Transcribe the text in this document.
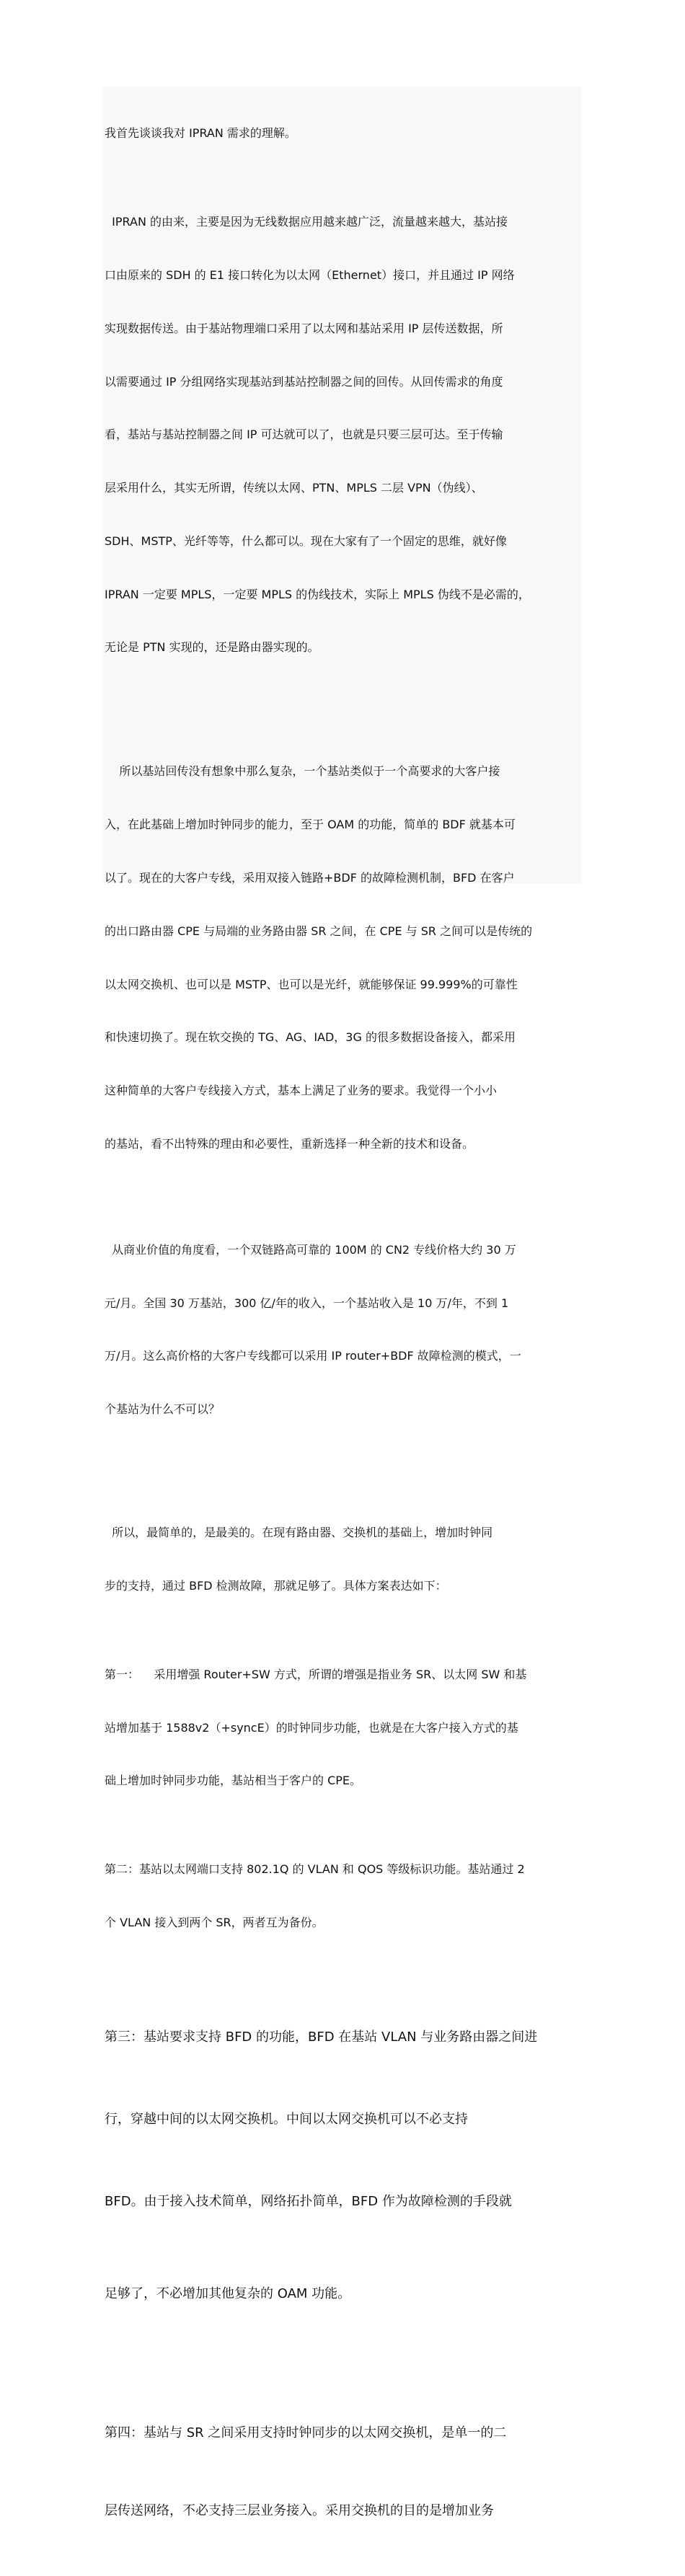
我首先谈谈我对 IPRAN 需求的理解。

IPRAN 的由来，主要是因为无线数据应用越来越广泛，流量越来越大，基站接

口由原来的 SDH 的 E1 接口转化为以太网（Ethernet）接口，并且通过 IP 网络

实现数据传送。由于基站物理端口采用了以太网和基站采用 IP 层传送数据，所

以需要通过 IP 分组网络实现基站到基站控制器之间的回传。从回传需求的角度

看，基站与基站控制器之间 IP 可达就可以了，也就是只要三层可达。至于传输

层采用什么，其实无所谓，传统以太网、PTN、MPLS 二层 VPN（伪线）、

SDH、MSTP、光纤等等，什么都可以。现在大家有了一个固定的思维，就好像

IPRAN 一定要 MPLS，一定要 MPLS 的伪线技术，实际上 MPLS 伪线不是必需的，

无论是 PTN 实现的，还是路由器实现的。

所以基站回传没有想象中那么复杂，一个基站类似于一个高要求的大客户接

入，在此基础上增加时钟同步的能力，至于 OAM 的功能，简单的 BDF 就基本可

以了。现在的大客户专线，采用双接入链路+BDF 的故障检测机制，BFD 在客户

的出口路由器 CPE 与局端的业务路由器 SR 之间，在 CPE 与 SR 之间可以是传统的

以太网交换机、也可以是 MSTP、也可以是光纤，就能够保证 99.999%的可靠性

和快速切换了。现在软交换的 TG、AG、IAD，3G 的很多数据设备接入，都采用

这种简单的大客户专线接入方式，基本上满足了业务的要求。我觉得一个小小

的基站，看不出特殊的理由和必要性，重新选择一种全新的技术和设备。

从商业价值的角度看，一个双链路高可靠的 100M 的 CN2 专线价格大约 30 万

元/月。全国 30 万基站，300 亿/年的收入，一个基站收入是 10 万/年，不到 1

万/月。这么高价格的大客户专线都可以采用 IP router+BDF 故障检测的模式，一

个基站为什么不可以？

所以，最简单的，是最美的。在现有路由器、交换机的基础上，增加时钟同

步的支持，通过 BFD 检测故障，那就足够了。具体方案表达如下：

第一：    采用增强 Router+SW 方式，所谓的增强是指业务 SR、以太网 SW 和基

站增加基于 1588v2（+syncE）的时钟同步功能，也就是在大客户接入方式的基

础上增加时钟同步功能，基站相当于客户的 CPE。

第二：基站以太网端口支持 802.1Q 的 VLAN 和 QOS 等级标识功能。基站通过 2

个 VLAN 接入到两个 SR，两者互为备份。

第三：基站要求支持 BFD 的功能，BFD 在基站 VLAN 与业务路由器之间进

行，穿越中间的以太网交换机。中间以太网交换机可以不必支持

BFD。由于接入技术简单，网络拓扑简单，BFD 作为故障检测的手段就

足够了，不必增加其他复杂的 OAM 功能。

第四：基站与 SR 之间采用支持时钟同步的以太网交换机，是单一的二

层传送网络，不必支持三层业务接入。采用交换机的目的是增加业务
